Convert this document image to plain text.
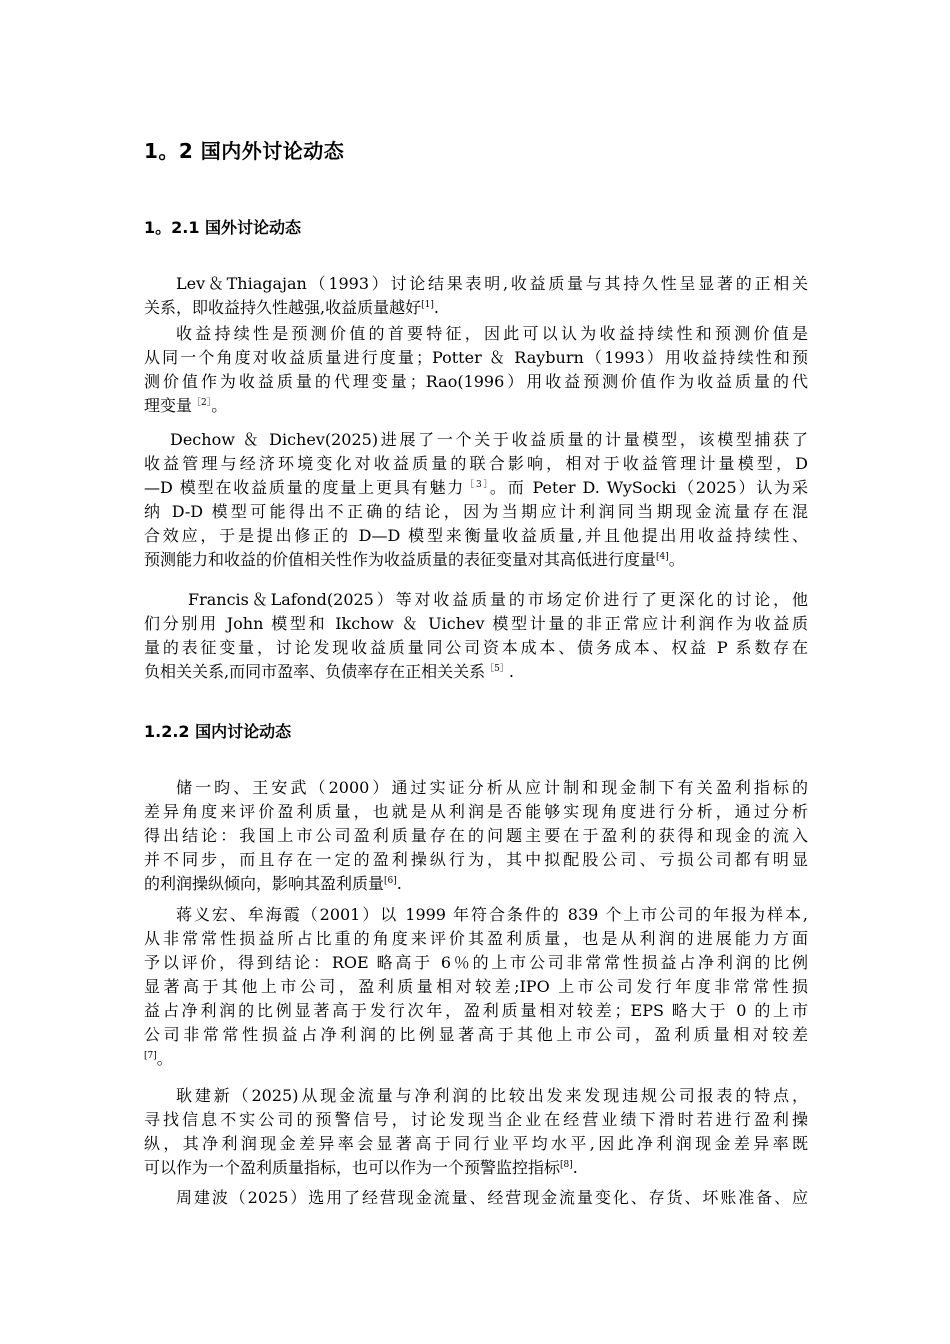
1。2 国内外讨论动态
1。2.1 国外讨论动态
Lev＆Thiagajan（1993）讨论结果表明,收益质量与其持久性呈显著的正相关
关系，即收益持久性越强,收益质量越好[1].
收益持续性是预测价值的首要特征，因此可以认为收益持续性和预测价值是
从同一个角度对收益质量进行度量；Potter ＆ Rayburn（1993）用收益持续性和预
测价值作为收益质量的代理变量；Rao(1996）用收益预测价值作为收益质量的代
理变量$^{[2]}$。
Dechow ＆ Dichev(2025)进展了一个关于收益质量的计量模型，该模型捕获了
收益管理与经济环境变化对收益质量的联合影响，相对于收益管理计量模型，D
—D 模型在收益质量的度量上更具有魅力$^{[3]}$。而 Peter D. WySocki（2025）认为采
纳 D-D 模型可能得出不正确的结论，因为当期应计利润同当期现金流量存在混
合效应，于是提出修正的 D—D 模型来衡量收益质量,并且他提出用收益持续性、
预测能力和收益的价值相关性作为收益质量的表征变量对其高低进行度量[4]。
Francis＆Lafond(2025）等对收益质量的市场定价进行了更深化的讨论，他
们分别用 John 模型和 Ikchow ＆ Uichev 模型计量的非正常应计利润作为收益质
量的表征变量，讨论发现收益质量同公司资本成本、债务成本、权益 P 系数存在
负相关关系,而同市盈率、负债率存在正相关关系$^{[5]}$.
1.2.2 国内讨论动态
储一昀、王安武（2000）通过实证分析从应计制和现金制下有关盈利指标的
差异角度来评价盈利质量，也就是从利润是否能够实现角度进行分析，通过分析
得出结论：我国上市公司盈利质量存在的问题主要在于盈利的获得和现金的流入
并不同步，而且存在一定的盈利操纵行为，其中拟配股公司、亏损公司都有明显
的利润操纵倾向，影响其盈利质量[6].
蒋义宏、牟海霞（2001）以 1999 年符合条件的 839 个上市公司的年报为样本,
从非常常性损益所占比重的角度来评价其盈利质量，也是从利润的进展能力方面
予以评价，得到结论：ROE 略高于 6％的上市公司非常常性损益占净利润的比例
显著高于其他上市公司，盈利质量相对较差;IPO 上市公司发行年度非常常性损
益占净利润的比例显著高于发行次年，盈利质量相对较差；EPS 略大于 0 的上市
公司非常常性损益占净利润的比例显著高于其他上市公司，盈利质量相对较差
[7]。
耿建新（2025)从现金流量与净利润的比较出发来发现违规公司报表的特点，
寻找信息不实公司的预警信号，讨论发现当企业在经营业绩下滑时若进行盈利操
纵，其净利润现金差异率会显著高于同行业平均水平,因此净利润现金差异率既
可以作为一个盈利质量指标，也可以作为一个预警监控指标[8].
周建波（2025）选用了经营现金流量、经营现金流量变化、存货、坏账准备、应
